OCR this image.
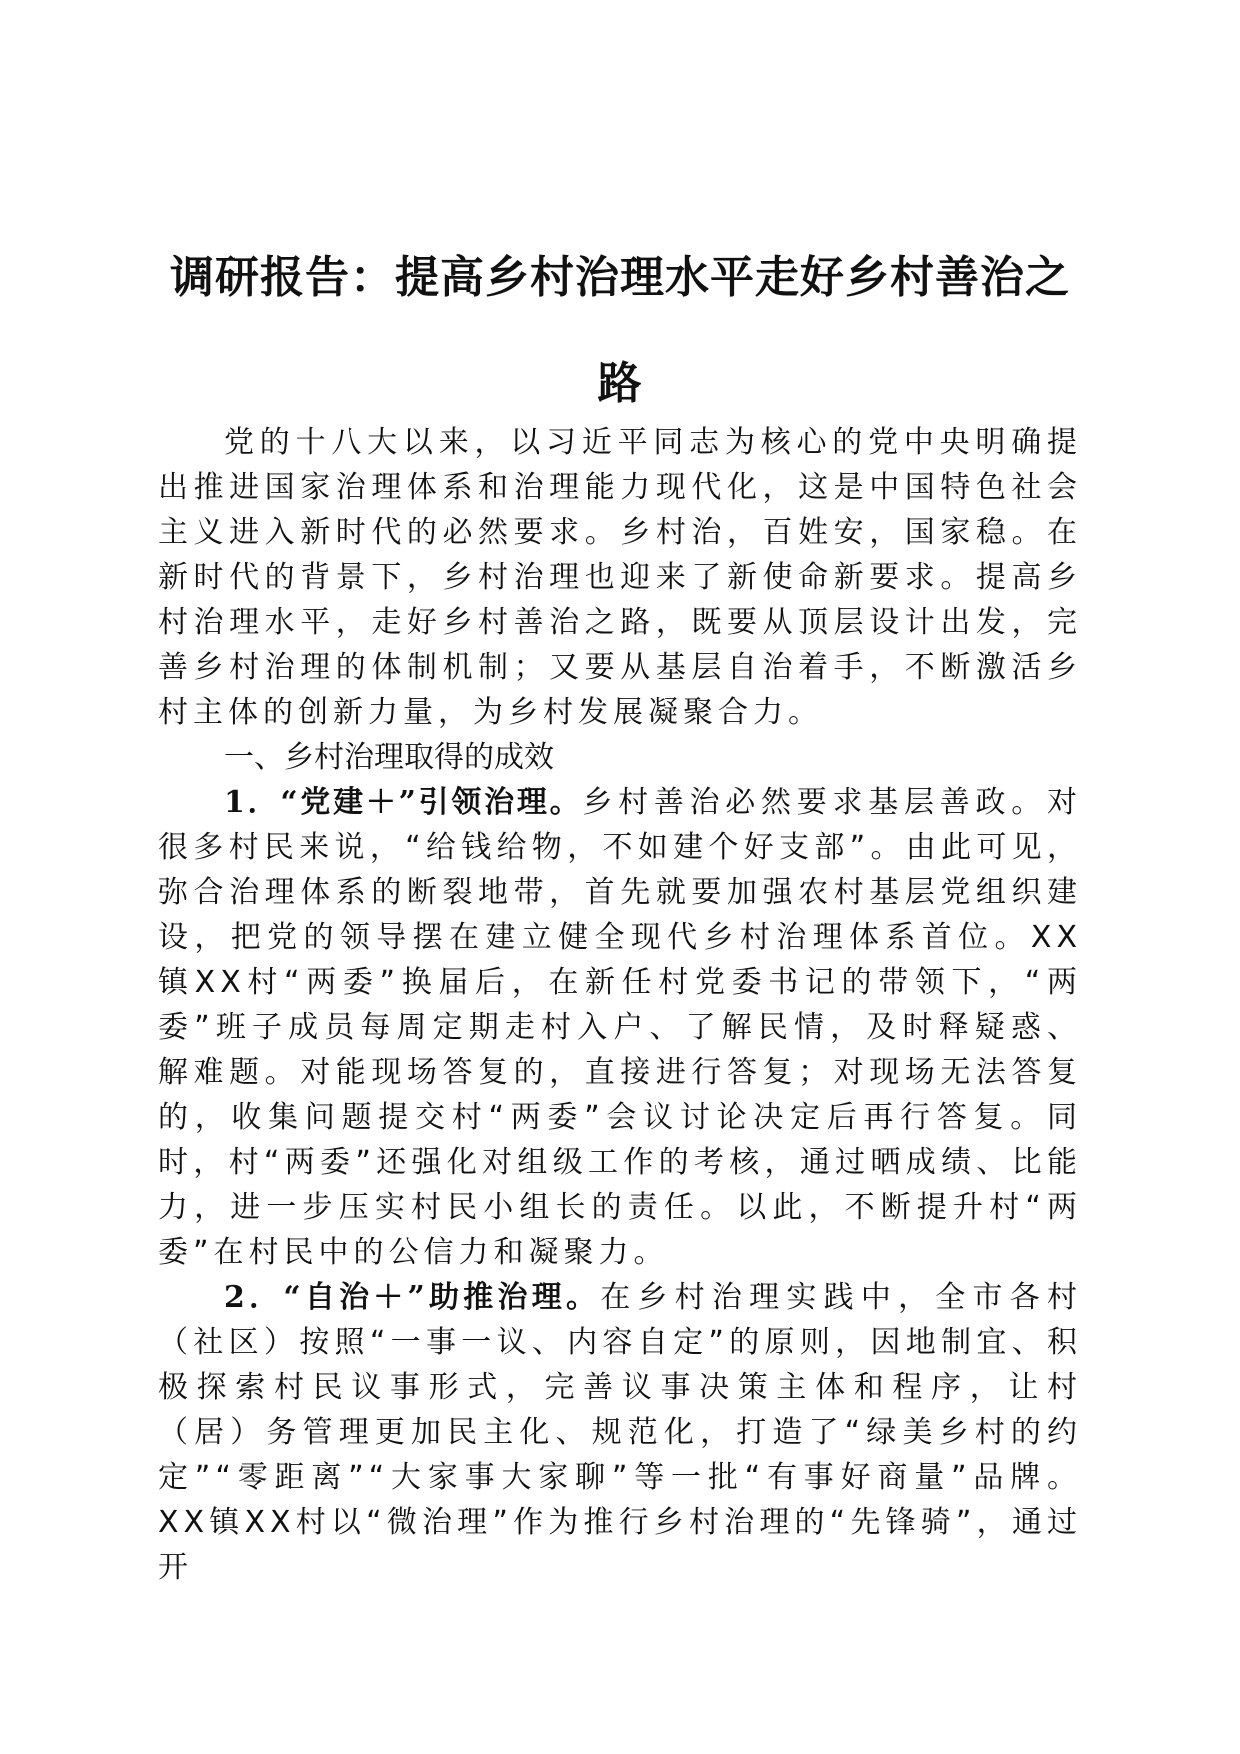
调研报告：提高乡村治理水平走好乡村善治之路

党的十八大以来，以习近平同志为核心的党中央明确提出推进国家治理体系和治理能力现代化，这是中国特色社会主义进入新时代的必然要求。乡村治，百姓安，国家稳。在新时代的背景下，乡村治理也迎来了新使命新要求。提高乡村治理水平，走好乡村善治之路，既要从顶层设计出发，完善乡村治理的体制机制；又要从基层自治着手，不断激活乡村主体的创新力量，为乡村发展凝聚合力。

一、乡村治理取得的成效

1．“党建＋”引领治理。乡村善治必然要求基层善政。对很多村民来说，“给钱给物，不如建个好支部”。由此可见，弥合治理体系的断裂地带，首先就要加强农村基层党组织建设，把党的领导摆在建立健全现代乡村治理体系首位。XX镇XX村“两委”换届后，在新任村党委书记的带领下，“两委”班子成员每周定期走村入户、了解民情，及时释疑惑、解难题。对能现场答复的，直接进行答复；对现场无法答复的，收集问题提交村“两委”会议讨论决定后再行答复。同时，村“两委”还强化对组级工作的考核，通过晒成绩、比能力，进一步压实村民小组长的责任。以此，不断提升村“两委”在村民中的公信力和凝聚力。

2．“自治＋”助推治理。在乡村治理实践中，全市各村（社区）按照“一事一议、内容自定”的原则，因地制宜、积极探索村民议事形式，完善议事决策主体和程序，让村（居）务管理更加民主化、规范化，打造了“绿美乡村的约定”“零距离”“大家事大家聊”等一批“有事好商量”品牌。XX镇XX村以“微治理”作为推行乡村治理的“先锋骑”，通过开
